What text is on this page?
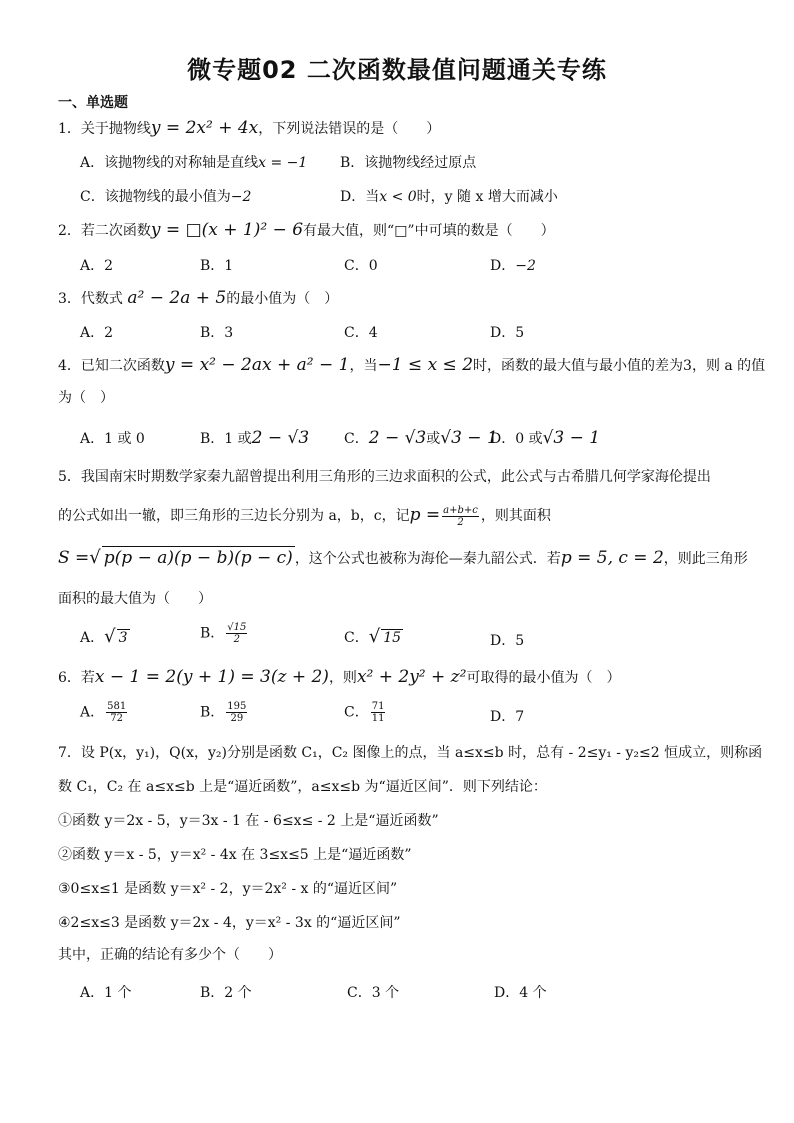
微专题02 二次函数最值问题通关专练
一、单选题
1．关于抛物线y = 2x² + 4x，下列说法错误的是（　　）
A．该抛物线的对称轴是直线x = −1 B．该抛物线经过原点
C．该抛物线的最小值为−2	D．当x < 0时，y 随 x 增大而减小
2．若二次函数y = □(x + 1)² − 6有最大值，则“□”中可填的数是（　　）
A．2	B．1	C．0	D．−2
3．代数式 a² − 2a + 5的最小值为（　）
A．2	B．3	C．4	D．5
4．已知二次函数y = x² − 2ax + a² − 1，当−1 ≤ x ≤ 2时，函数的最大值与最小值的差为3，则 a 的值
为（　）
A．1 或 0	B．1 或2 − √3 C．2 − √3或√3 − 1
D．0 或√3 − 1
5．我国南宋时期数学家秦九韶曾提出利用三角形的三边求面积的公式，此公式与古希腊几何学家海伦提出
的公式如出一辙，即三角形的三边长分别为 a，b，c，记$p = \frac{a+b+c}{2}$ ，则其面积
S =√ p(p − a)(p − b)(p − c) ，这个公式也被称为海伦—秦九韶公式．若p = 5, c = 2，则此三角形
面积的最大值为（　　）
A．√ 3	B． $\frac{√15}{2}$	C．√ 15	D．5
6．若x − 1 = 2(y + 1) = 3(z + 2)，则x² + 2y² + z²可取得的最小值为（　）
A． $\frac{581}{72}$	B． $\frac{195}{29}$	C． $\frac{71}{11}$	D．7
7．设 P(x，y₁)，Q(x，y₂)分别是函数 C₁，C₂ 图像上的点，当 a≤x≤b 时，总有 - 2≤y₁ - y₂≤2 恒成立，则称函
数 C₁，C₂ 在 a≤x≤b 上是“逼近函数”，a≤x≤b 为“逼近区间”．则下列结论：
①函数 y＝2x - 5，y＝3x - 1 在 - 6≤x≤ - 2 上是“逼近函数”
②函数 y＝x - 5，y＝x² - 4x 在 3≤x≤5 上是“逼近函数”
③0≤x≤1 是函数 y＝x² - 2，y＝2x² - x 的“逼近区间”
④2≤x≤3 是函数 y＝2x - 4，y＝x² - 3x 的“逼近区间”
其中，正确的结论有多少个（　　）
A．1 个	B．2 个	C．3 个	D．4 个
